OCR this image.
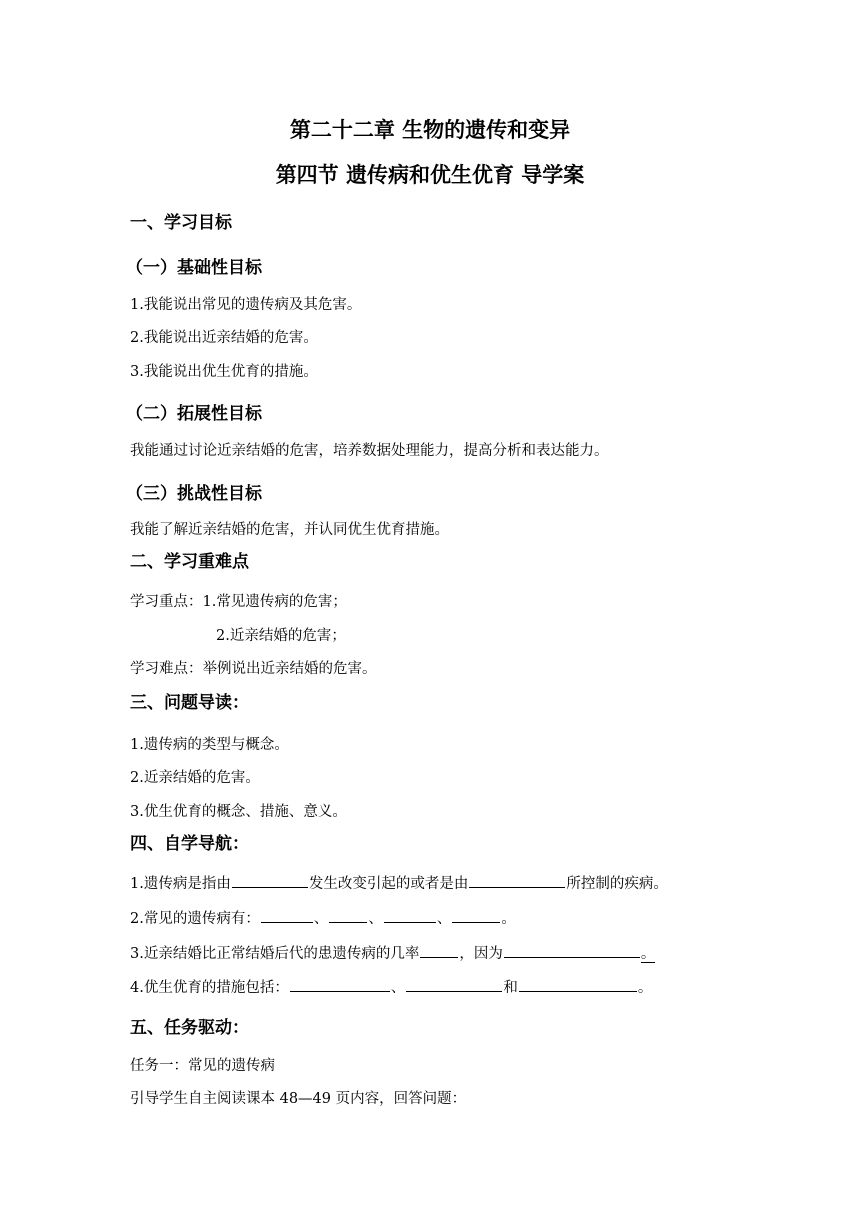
第二十二章 生物的遗传和变异
第四节 遗传病和优生优育 导学案
一、学习目标
（一）基础性目标
1.我能说出常见的遗传病及其危害。
2.我能说出近亲结婚的危害。
3.我能说出优生优育的措施。
（二）拓展性目标
我能通过讨论近亲结婚的危害，培养数据处理能力，提高分析和表达能力。
（三）挑战性目标
我能了解近亲结婚的危害，并认同优生优育措施。
二、学习重难点
学习重点：1.常见遗传病的危害；
2.近亲结婚的危害；
学习难点：举例说出近亲结婚的危害。
三、问题导读：
1.遗传病的类型与概念。
2.近亲结婚的危害。
3.优生优育的概念、措施、意义。
四、自学导航：
1.遗传病是指由	发生改变引起的或者是由	所控制的疾病。
2.常见的遗传病有：	、	、	、	。
3.近亲结婚比正常结婚后代的患遗传病的几率	，因为	。
4.优生优育的措施包括：	、	和	。
五、任务驱动：
任务一：常见的遗传病
引导学生自主阅读课本 48—49 页内容，回答问题：
